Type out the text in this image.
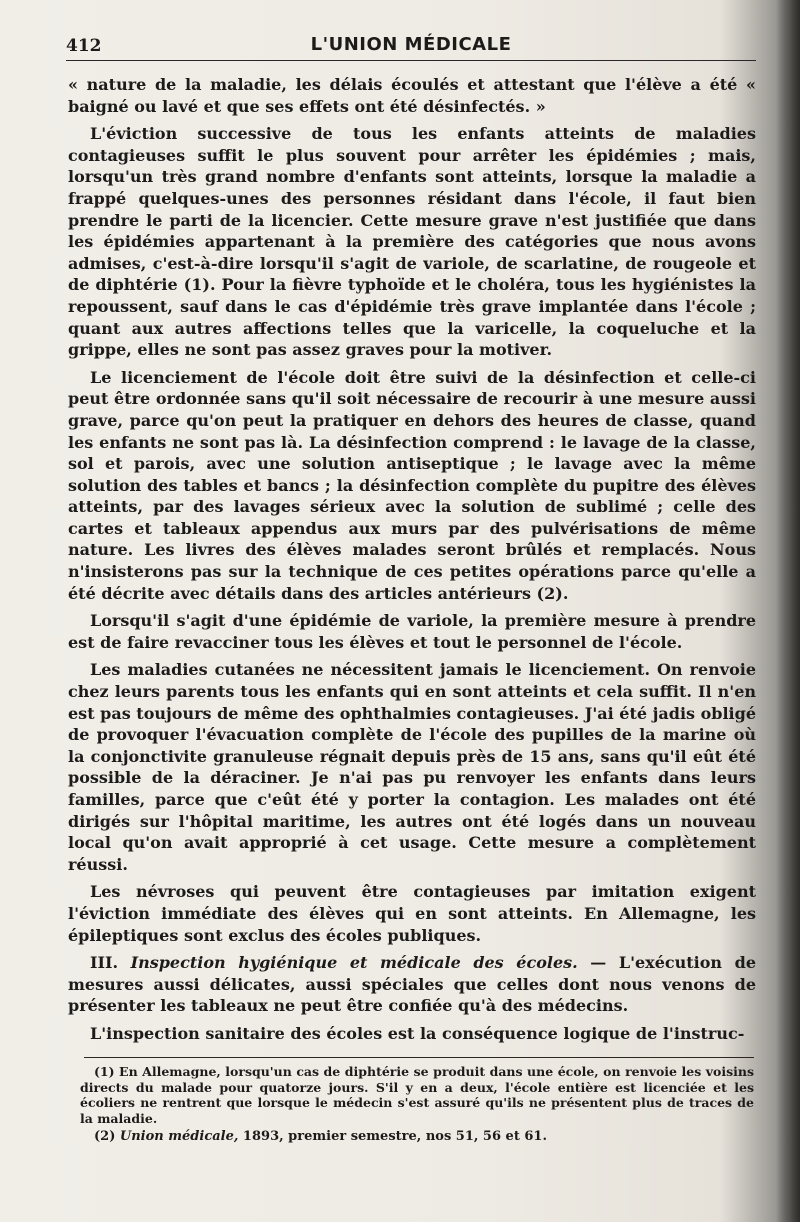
412	L'UNION MÉDICALE

« nature de la maladie, les délais écoulés et attestant que l'élève a été « baigné ou lavé et que ses effets ont été désinfectés. »

L'éviction successive de tous les enfants atteints de maladies contagieuses suffit le plus souvent pour arrêter les épidémies ; mais, lorsqu'un très grand nombre d'enfants sont atteints, lorsque la maladie a frappé quelques-unes des personnes résidant dans l'école, il faut bien prendre le parti de la licencier. Cette mesure grave n'est justifiée que dans les épidémies appartenant à la première des catégories que nous avons admises, c'est-à-dire lorsqu'il s'agit de variole, de scarlatine, de rougeole et de diphtérie (1). Pour la fièvre typhoïde et le choléra, tous les hygiénistes la repoussent, sauf dans le cas d'épidémie très grave implantée dans l'école ; quant aux autres affections telles que la varicelle, la coqueluche et la grippe, elles ne sont pas assez graves pour la motiver.

Le licenciement de l'école doit être suivi de la désinfection et celle-ci peut être ordonnée sans qu'il soit nécessaire de recourir à une mesure aussi grave, parce qu'on peut la pratiquer en dehors des heures de classe, quand les enfants ne sont pas là. La désinfection comprend : le lavage de la classe, sol et parois, avec une solution antiseptique ; le lavage avec la même solution des tables et bancs ; la désinfection complète du pupitre des élèves atteints, par des lavages sérieux avec la solution de sublimé ; celle des cartes et tableaux appendus aux murs par des pulvérisations de même nature. Les livres des élèves malades seront brûlés et remplacés. Nous n'insisterons pas sur la technique de ces petites opérations parce qu'elle a été décrite avec détails dans des articles antérieurs (2).

Lorsqu'il s'agit d'une épidémie de variole, la première mesure à prendre est de faire revacciner tous les élèves et tout le personnel de l'école.

Les maladies cutanées ne nécessitent jamais le licenciement. On renvoie chez leurs parents tous les enfants qui en sont atteints et cela suffit. Il n'en est pas toujours de même des ophthalmies contagieuses. J'ai été jadis obligé de provoquer l'évacuation complète de l'école des pupilles de la marine où la conjonctivite granuleuse régnait depuis près de 15 ans, sans qu'il eût été possible de la déraciner. Je n'ai pas pu renvoyer les enfants dans leurs familles, parce que c'eût été y porter la contagion. Les malades ont été dirigés sur l'hôpital maritime, les autres ont été logés dans un nouveau local qu'on avait approprié à cet usage. Cette mesure a complètement réussi.

Les névroses qui peuvent être contagieuses par imitation exigent l'éviction immédiate des élèves qui en sont atteints. En Allemagne, les épileptiques sont exclus des écoles publiques.

III. Inspection hygiénique et médicale des écoles. — L'exécution de mesures aussi délicates, aussi spéciales que celles dont nous venons de présenter les tableaux ne peut être confiée qu'à des médecins.

L'inspection sanitaire des écoles est la conséquence logique de l'instruc-

(1) En Allemagne, lorsqu'un cas de diphtérie se produit dans une école, on renvoie les voisins directs du malade pour quatorze jours. S'il y en a deux, l'école entière est licenciée et les écoliers ne rentrent que lorsque le médecin s'est assuré qu'ils ne présentent plus de traces de la maladie.

(2) Union médicale, 1893, premier semestre, nos 51, 56 et 61.
